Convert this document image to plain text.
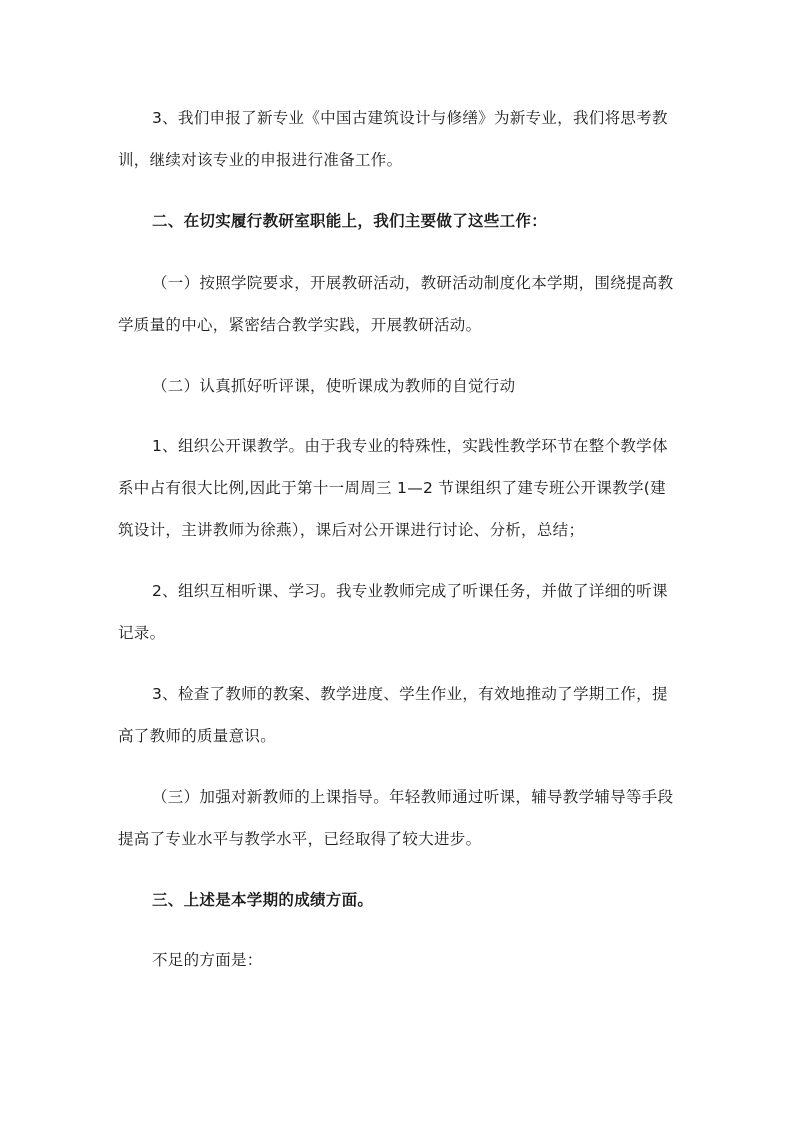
3、我们申报了新专业《中国古建筑设计与修缮》为新专业，我们将思考教
训，继续对该专业的申报进行准备工作。

二、在切实履行教研室职能上，我们主要做了这些工作：

（一）按照学院要求，开展教研活动，教研活动制度化本学期，围绕提高教
学质量的中心，紧密结合教学实践，开展教研活动。

（二）认真抓好听评课，使听课成为教师的自觉行动

1、组织公开课教学。由于我专业的特殊性，实践性教学环节在整个教学体
系中占有很大比例,因此于第十一周周三 1—2 节课组织了建专班公开课教学(建
筑设计，主讲教师为徐燕），课后对公开课进行讨论、分析，总结；

2、组织互相听课、学习。我专业教师完成了听课任务，并做了详细的听课
记录。

3、检查了教师的教案、教学进度、学生作业，有效地推动了学期工作，提
高了教师的质量意识。

（三）加强对新教师的上课指导。年轻教师通过听课，辅导教学辅导等手段
提高了专业水平与教学水平，已经取得了较大进步。

三、上述是本学期的成绩方面。

不足的方面是：
